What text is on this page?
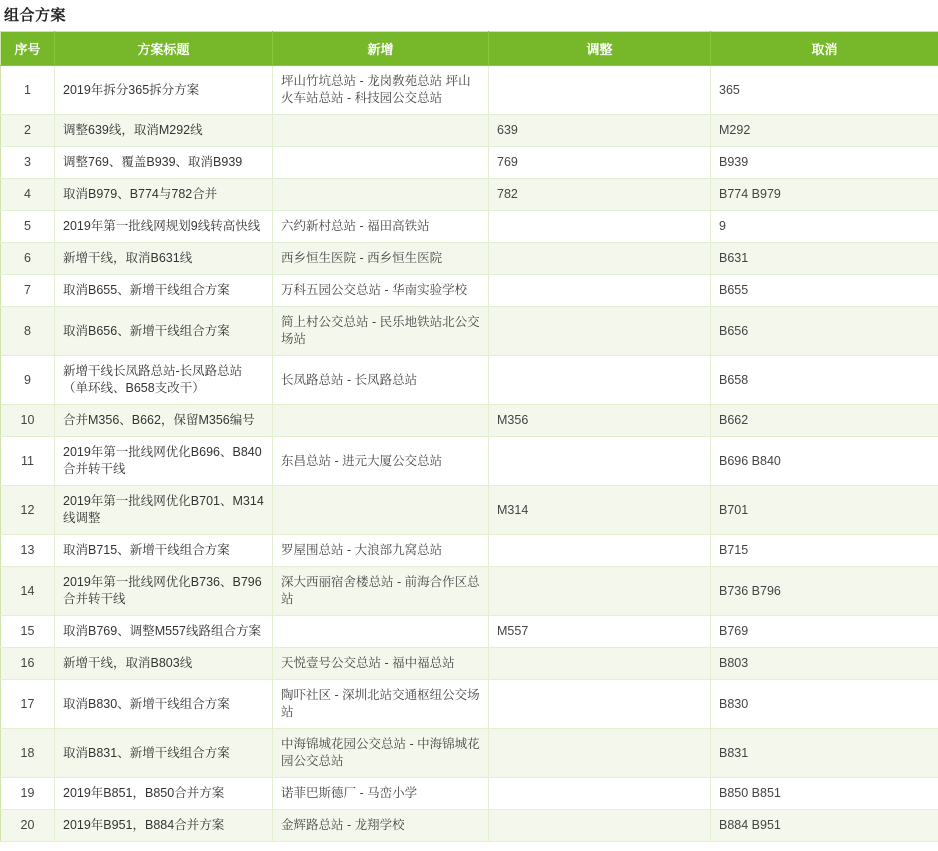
组合方案
序号	方案标题	新增	调整	取消
1	2019年拆分365拆分方案	坪山竹坑总站 - 龙岗敎苑总站 坪山火车站总站 - 科技园公交总站		365
2	调整639线，取消M292线		639	M292
3	调整769、覆盖B939、取消B939		769	B939
4	取消B979、B774与782合并		782	B774 B979
5	2019年第一批线网规划9线转高快线	六约新村总站 - 福田高铁站		9
6	新增干线，取消B631线	西乡恒生医院 - 西乡恒生医院		B631
7	取消B655、新增干线组合方案	万科五园公交总站 - 华南实验学校		B655
8	取消B656、新增干线组合方案	简上村公交总站 - 民乐地铁站北公交场站		B656
9	新增干线长凤路总站-长凤路总站（单环线、B658支改干）	长凤路总站 - 长凤路总站		B658
10	合并M356、B662，保留M356编号		M356	B662
11	2019年第一批线网优化B696、B840合并转干线	东昌总站 - 进元大厦公交总站		B696 B840
12	2019年第一批线网优化B701、M314线调整		M314	B701
13	取消B715、新增干线组合方案	罗屋围总站 - 大浪部九窝总站		B715
14	2019年第一批线网优化B736、B796合并转干线	深大西丽宿舍楼总站 - 前海合作区总站		B736 B796
15	取消B769、调整M557线路组合方案		M557	B769
16	新增干线，取消B803线	天悦壹号公交总站 - 福中福总站		B803
17	取消B830、新增干线组合方案	陶吓社区 - 深圳北站交通枢纽公交场站		B830
18	取消B831、新增干线组合方案	中海锦城花园公交总站 - 中海锦城花园公交总站		B831
19	2019年B851，B850合并方案	诺菲巴斯德厂 - 马峦小学		B850 B851
20	2019年B951，B884合并方案	金辉路总站 - 龙翔学校		B884 B951
